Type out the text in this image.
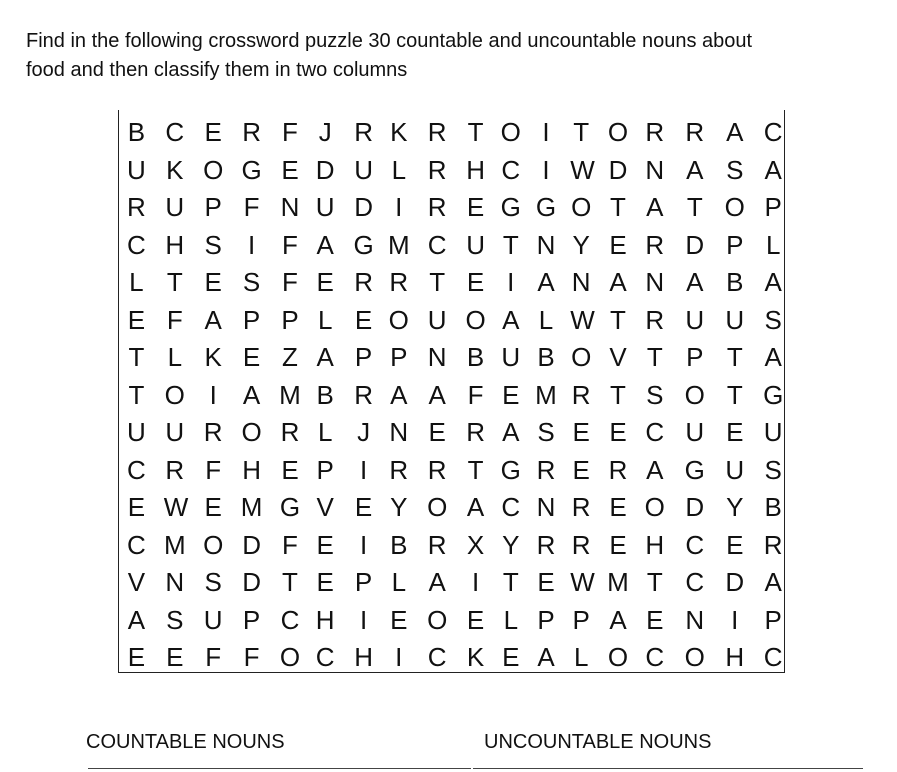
Find in the following crossword puzzle 30 countable and uncountable nouns about
food and then classify them in two columns

B C E R F J R K R T O I T O R R A C
U K O G E D U L R H C I W D N A S A
R U P F N U D I R E G G O T A T O P
C H S I F A G M C U T N Y E R D P L
L T E S F E R R T E I A N A N A B A
E F A P P L E O U O A L W T R U U S
T L K E Z A P P N B U B O V T P T A
T O I A M B R A A F E M R T S O T G
U U R O R L J N E R A S E E C U E U
C R F H E P I R R T G R E R A G U S
E W E M G V E Y O A C N R E O D Y B
C M O D F E I B R X Y R R E H C E R
V N S D T E P L A I T E W M T C D A
A S U P C H I E O E L P P A E N I P
E E F F O C H I C K E A L O C O H C
COUNTABLE NOUNS	UNCOUNTABLE NOUNS
